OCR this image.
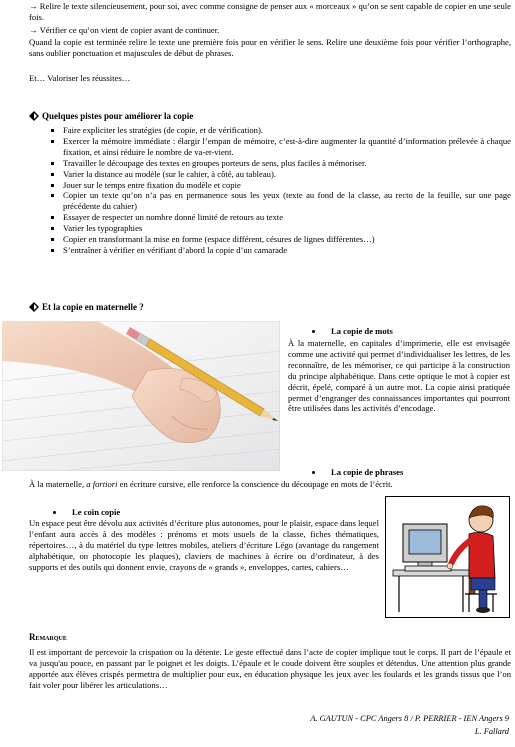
→ Relire le texte silencieusement, pour soi, avec comme consigne de penser aux « morceaux » qu’on se sent capable de copier en une seule fois.

→ Vérifier ce qu’on vient de copier avant de continuer.

Quand la copie est terminée relire le texte une première fois pour en vérifier le sens. Relire une deuxième fois pour vérifier l’orthographe, sans oublier ponctuation et majuscules de début de phrases.

Et… Valoriser les réussites…

Quelques pistes pour améliorer la copie
Faire expliciter les stratégies (de copie, et de vérification).
Exercer la mémoire immédiate : élargir l’empan de mémoire, c’est-à-dire augmenter la quantité d’information prélevée à chaque fixation, et ainsi réduire le nombre de va-et-vient.
Travailler le découpage des textes en groupes porteurs de sens, plus faciles à mémoriser.
Varier la distance au modèle (sur le cahier, à côté, au tableau).
Jouer sur le temps entre fixation du modèle et copie
Copier un texte qu’on n’a pas en permanence sous les yeux (texte au fond de la classe, au recto de la feuille, sur une page précédente du cahier)
Essayer de respecter un nombre donné limité de retours au texte
Varier les typographies
Copier en transformant la mise en forme (espace différent, césures de lignes différentes…)
S’entraîner à vérifier en vérifiant d’abord la copie d’un camarade
Et la copie en maternelle ?
La copie de mots

À la maternelle, en capitales d’imprimerie, elle est envisagée comme une activité qui permet d’individualiser les lettres, de les reconnaître, de les mémoriser, ce qui participe à la construction du principe alphabétique. Dans cette optique le mot à copier est décrit, épelé, comparé à un autre mot. La copie ainsi pratiquée permet d’engranger des connaissances importantes qui pourront être utilisées dans les activités d’encodage.

La copie de phrases

À la maternelle, a fortiori en écriture cursive, elle renforce la conscience du découpage en mots de l’écrit.

Le coin copie

Un espace peut être dévolu aux activités d’écriture plus autonomes, pour le plaisir, espace dans lequel l’enfant aura accès à des modèles : prénoms et mots usuels de la classe, fiches thématiques, répertoires…, à du matériel du type lettres mobiles, ateliers d’écriture Légo (avantage du rangement alphabétique, on photocopie les plaques), claviers de machines à écrire ou d’ordinateur, à des supports et des outils qui donnent envie, crayons de « grands », enveloppes, cartes, cahiers…

Remarque

Il est important de percevoir la crispation ou la détente. Le geste effectué dans l’acte de copier implique tout le corps. Il part de l’épaule et va jusqu'au pouce, en passant par le poignet et les doigts. L’épaule et le coude doivent être souples et détendus. Une attention plus grande apportée aux élèves crispés permettra de multiplier pour eux, en éducation physique les jeux avec les foulards et les grands tissus que l’on fait voler pour libérer les articulations…

A. GAUTUN - CPC Angers 8 / P. PERRIER - IEN Angers 9
L. Fallard
